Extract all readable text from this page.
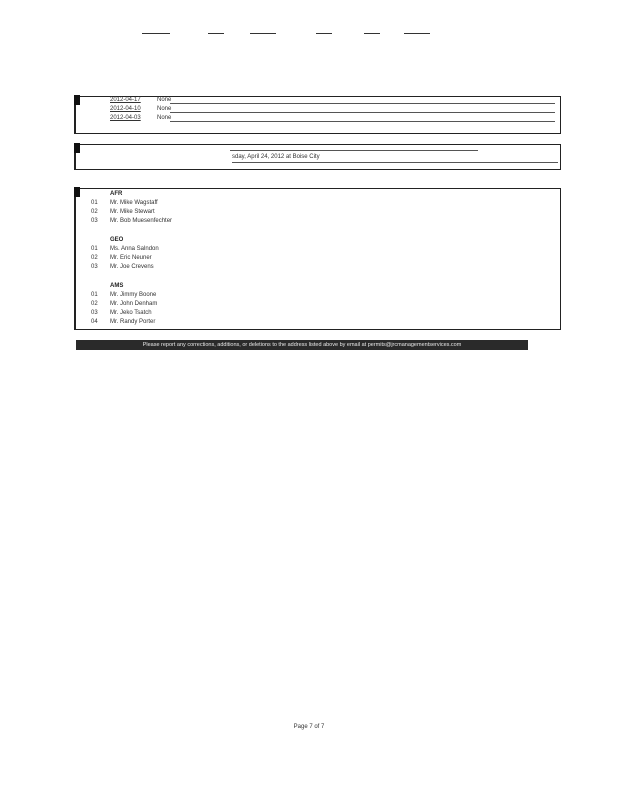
2012-04-17	None
2012-04-10	None
2012-04-03	None
sday, April 24, 2012 at Boise City
AFR
01 Mr. Mike Wagstaff
02 Mr. Mike Stewart
03 Mr. Bob Muesenfechter
GEO
01 Ms. Anna Salndon
02 Mr. Eric Neuner
03 Mr. Joe Crevens
AMS
01 Mr. Jimmy Boone
02 Mr. John Denham
03 Mr. Jeko Tsatch
04 Mr. Randy Porter
Please report any corrections, additions, or deletions to the address listed above by email at permits@jrcmanagementservices.com
Page 7 of 7
